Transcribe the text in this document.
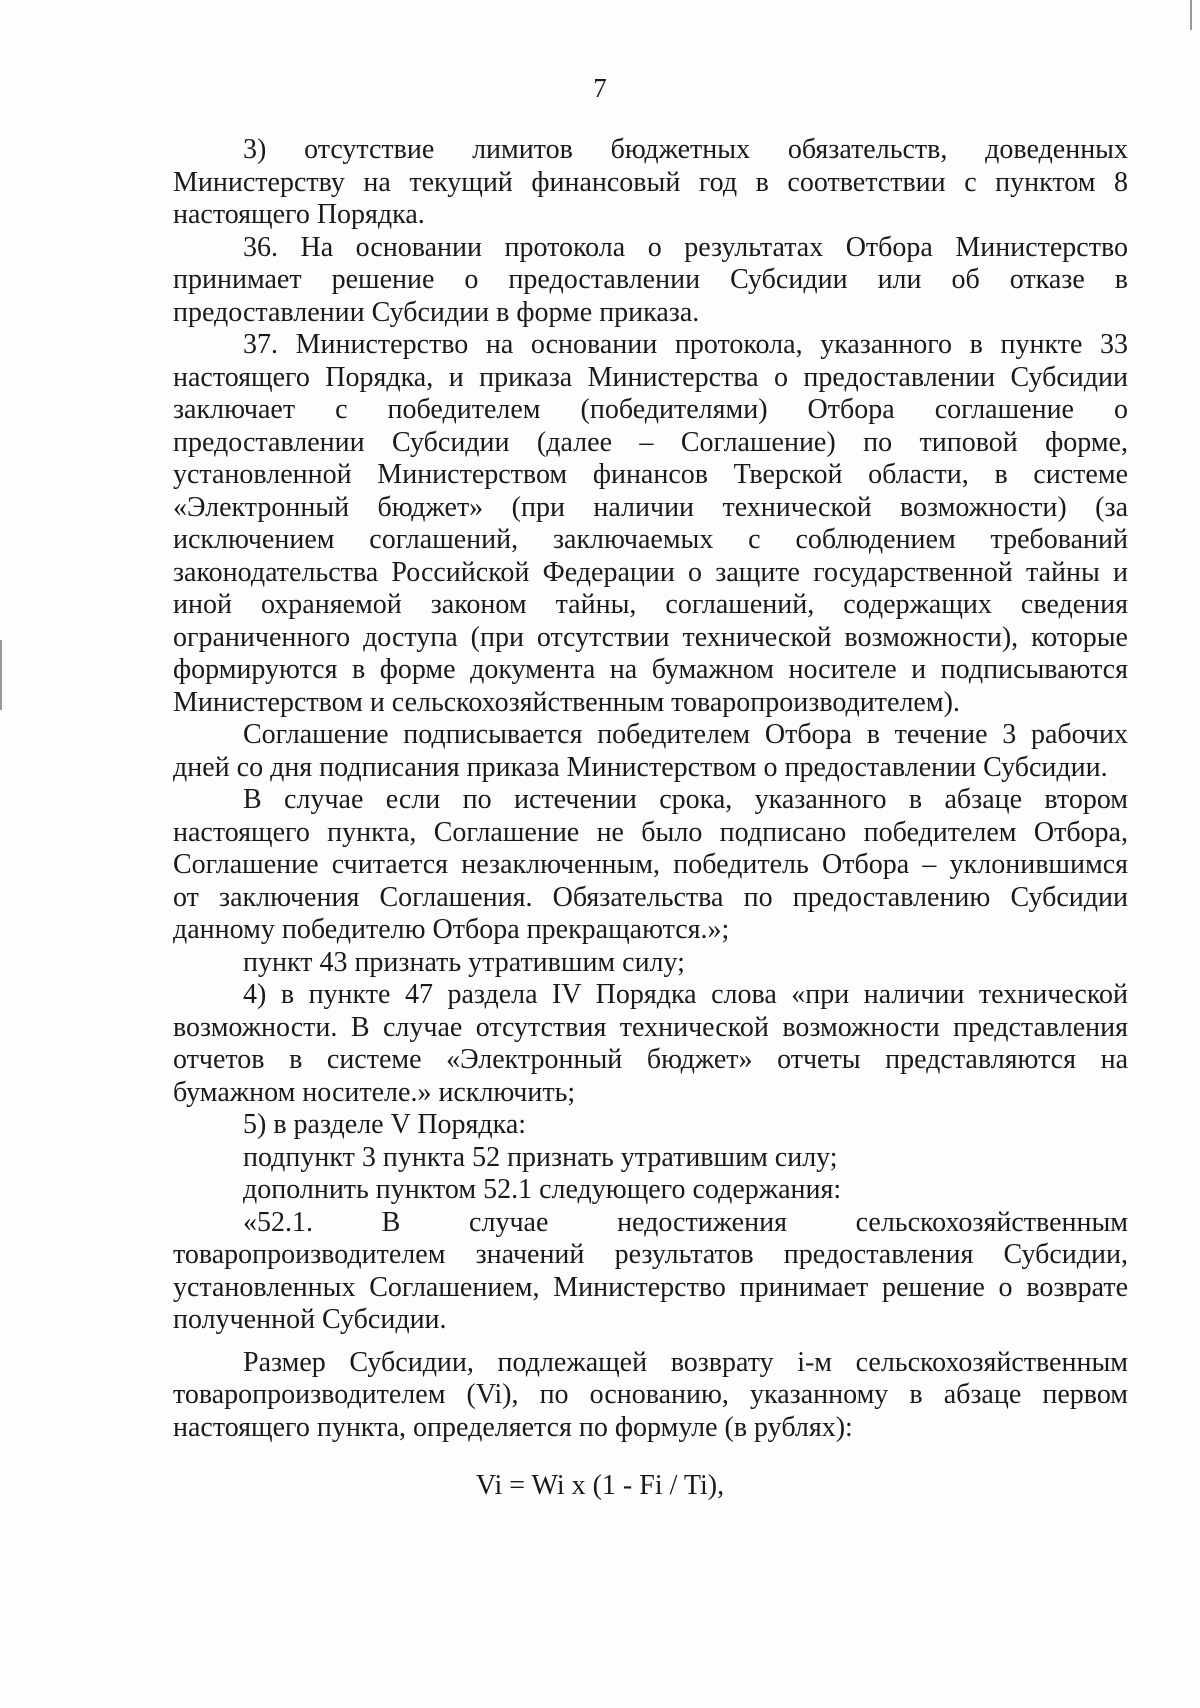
7

3) отсутствие лимитов бюджетных обязательств, доведенных

Министерству на текущий финансовый год в соответствии с пунктом 8

настоящего Порядка.

36. На основании протокола о результатах Отбора Министерство

принимает решение о предоставлении Субсидии или об отказе в

предоставлении Субсидии в форме приказа.

37. Министерство на основании протокола, указанного в пункте 33

настоящего Порядка, и приказа Министерства о предоставлении Субсидии

заключает с победителем (победителями) Отбора соглашение о

предоставлении Субсидии (далее – Соглашение) по типовой форме,

установленной Министерством финансов Тверской области, в системе

«Электронный бюджет» (при наличии технической возможности) (за

исключением соглашений, заключаемых с соблюдением требований

законодательства Российской Федерации о защите государственной тайны и

иной охраняемой законом тайны, соглашений, содержащих сведения

ограниченного доступа (при отсутствии технической возможности), которые

формируются в форме документа на бумажном носителе и подписываются

Министерством и сельскохозяйственным товаропроизводителем).

Соглашение подписывается победителем Отбора в течение 3 рабочих

дней со дня подписания приказа Министерством о предоставлении Субсидии.

В случае если по истечении срока, указанного в абзаце втором

настоящего пункта, Соглашение не было подписано победителем Отбора,

Соглашение считается незаключенным, победитель Отбора – уклонившимся

от заключения Соглашения. Обязательства по предоставлению Субсидии

данному победителю Отбора прекращаются.»;

пункт 43 признать утратившим силу;

4) в пункте 47 раздела IV Порядка слова «при наличии технической

возможности. В случае отсутствия технической возможности представления

отчетов в системе «Электронный бюджет» отчеты представляются на

бумажном носителе.» исключить;

5) в разделе V Порядка:

подпункт 3 пункта 52 признать утратившим силу;

дополнить пунктом 52.1 следующего содержания:

«52.1. В случае недостижения сельскохозяйственным

товаропроизводителем значений результатов предоставления Субсидии,

установленных Соглашением, Министерство принимает решение о возврате

полученной Субсидии.

Размер Субсидии, подлежащей возврату i-м сельскохозяйственным

товаропроизводителем (Vi), по основанию, указанному в абзаце первом

настоящего пункта, определяется по формуле (в рублях):

Vi = Wi x (1 - Fi / Ti),
